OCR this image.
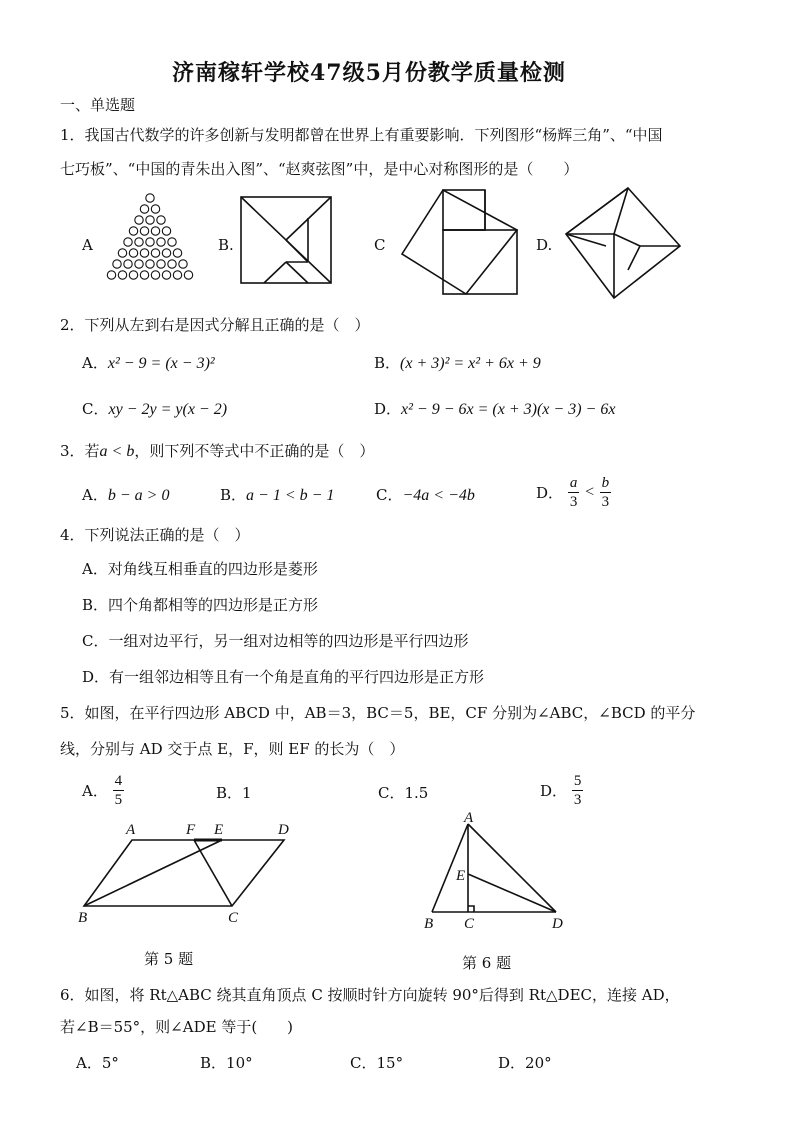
济南稼轩学校47级5月份教学质量检测
一、单选题
1．我国古代数学的许多创新与发明都曾在世界上有重要影响．下列图形“杨辉三角”、“中国
七巧板”、“中国的青朱出入图”、“赵爽弦图”中，是中心对称图形的是（　　）
A	B.	C	D.
2．下列从左到右是因式分解且正确的是（　）
A．x² − 9 = (x − 3)²	B．(x + 3)² = x² + 6x + 9
C．xy − 2y = y(x − 2)	D．x² − 9 − 6x = (x + 3)(x − 3) − 6x
3．若a < b，则下列不等式中不正确的是（　）
A．b − a > 0	B．a − 1 < b − 1	C．−4a < −4b	D． $\frac{a}{3} < \frac{b}{3}$
4．下列说法正确的是（　）
A．对角线互相垂直的四边形是菱形
B．四个角都相等的四边形是正方形
C．一组对边平行，另一组对边相等的四边形是平行四边形
D．有一组邻边相等且有一个角是直角的平行四边形是正方形
5．如图，在平行四边形 ABCD 中，AB＝3，BC＝5，BE，CF 分别为∠ABC，∠BCD 的平分
线，分别与 AD 交于点 E，F，则 EF 的长为（　）
A． $\frac{4}{5}$	B．1	C．1.5	D． $\frac{5}{3}$
A	F E	D
B	C
第 5 题
A
E
B C	D
第 6 题
6．如图，将 Rt△ABC 绕其直角顶点 C 按顺时针方向旋转 90°后得到 Rt△DEC，连接 AD，
若∠B＝55°，则∠ADE 等于(　　)
A．5°	B．10°	C．15°	D．20°
